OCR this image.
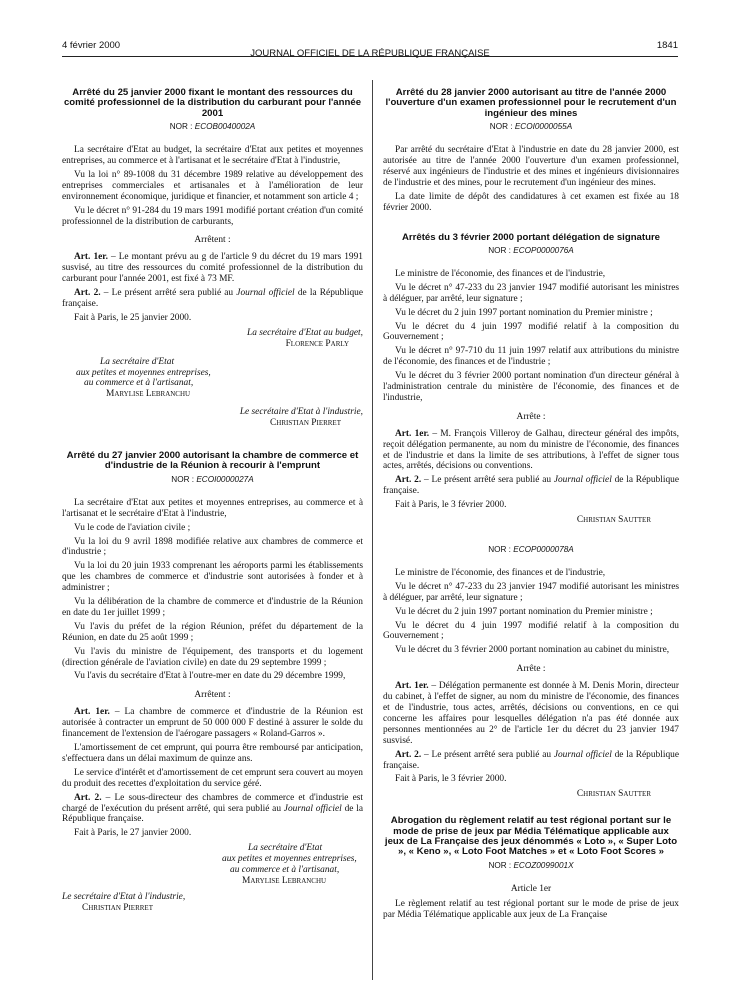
4 février 2000
JOURNAL OFFICIEL DE LA RÉPUBLIQUE FRANÇAISE
1841

Arrêté du 25 janvier 2000 fixant le montant des ressources du comité professionnel de la distribution du carburant pour l'année 2001

NOR : ECOB0040002A

La secrétaire d'Etat au budget, la secrétaire d'Etat aux petites et moyennes entreprises, au commerce et à l'artisanat et le secrétaire d'Etat à l'industrie,

Vu la loi n° 89-1008 du 31 décembre 1989 relative au développement des entreprises commerciales et artisanales et à l'amélioration de leur environnement économique, juridique et financier, et notamment son article 4 ;

Vu le décret n° 91-284 du 19 mars 1991 modifié portant création d'un comité professionnel de la distribution de carburants,

Arrêtent :

Art. 1er. – Le montant prévu au g de l'article 9 du décret du 19 mars 1991 susvisé, au titre des ressources du comité professionnel de la distribution du carburant pour l'année 2001, est fixé à 73 MF.

Art. 2. – Le présent arrêté sera publié au Journal officiel de la République française.

Fait à Paris, le 25 janvier 2000.

La secrétaire d'Etat au budget,

Florence Parly

La secrétaire d'Etat

aux petites et moyennes entreprises,

au commerce et à l'artisanat,

Marylise Lebranchu

Le secrétaire d'Etat à l'industrie,

Christian Pierret

Arrêté du 27 janvier 2000 autorisant la chambre de commerce et d'industrie de la Réunion à recourir à l'emprunt

NOR : ECOI0000027A

La secrétaire d'Etat aux petites et moyennes entreprises, au commerce et à l'artisanat et le secrétaire d'Etat à l'industrie,

Vu le code de l'aviation civile ;

Vu la loi du 9 avril 1898 modifiée relative aux chambres de commerce et d'industrie ;

Vu la loi du 20 juin 1933 comprenant les aéroports parmi les établissements que les chambres de commerce et d'industrie sont autorisées à fonder et à administrer ;

Vu la délibération de la chambre de commerce et d'industrie de la Réunion en date du 1er juillet 1999 ;

Vu l'avis du préfet de la région Réunion, préfet du département de la Réunion, en date du 25 août 1999 ;

Vu l'avis du ministre de l'équipement, des transports et du logement (direction générale de l'aviation civile) en date du 29 septembre 1999 ;

Vu l'avis du secrétaire d'Etat à l'outre-mer en date du 29 décembre 1999,

Arrêtent :

Art. 1er. – La chambre de commerce et d'industrie de la Réunion est autorisée à contracter un emprunt de 50 000 000 F destiné à assurer le solde du financement de l'extension de l'aérogare passagers « Roland-Garros ».

L'amortissement de cet emprunt, qui pourra être remboursé par anticipation, s'effectuera dans un délai maximum de quinze ans.

Le service d'intérêt et d'amortissement de cet emprunt sera couvert au moyen du produit des recettes d'exploitation du service géré.

Art. 2. – Le sous-directeur des chambres de commerce et d'industrie est chargé de l'exécution du présent arrêté, qui sera publié au Journal officiel de la République française.

Fait à Paris, le 27 janvier 2000.

La secrétaire d'Etat

aux petites et moyennes entreprises,

au commerce et à l'artisanat,

Marylise Lebranchu

Le secrétaire d'Etat à l'industrie,

Christian Pierret

Arrêté du 28 janvier 2000 autorisant au titre de l'année 2000 l'ouverture d'un examen professionnel pour le recrutement d'un ingénieur des mines

NOR : ECOI0000055A

Par arrêté du secrétaire d'Etat à l'industrie en date du 28 janvier 2000, est autorisée au titre de l'année 2000 l'ouverture d'un examen professionnel, réservé aux ingénieurs de l'industrie et des mines et ingénieurs divisionnaires de l'industrie et des mines, pour le recrutement d'un ingénieur des mines.

La date limite de dépôt des candidatures à cet examen est fixée au 18 février 2000.

Arrêtés du 3 février 2000 portant délégation de signature

NOR : ECOP0000076A

Le ministre de l'économie, des finances et de l'industrie,

Vu le décret n° 47-233 du 23 janvier 1947 modifié autorisant les ministres à déléguer, par arrêté, leur signature ;

Vu le décret du 2 juin 1997 portant nomination du Premier ministre ;

Vu le décret du 4 juin 1997 modifié relatif à la composition du Gouvernement ;

Vu le décret n° 97-710 du 11 juin 1997 relatif aux attributions du ministre de l'économie, des finances et de l'industrie ;

Vu le décret du 3 février 2000 portant nomination d'un directeur général à l'administration centrale du ministère de l'économie, des finances et de l'industrie,

Arrête :

Art. 1er. – M. François Villeroy de Galhau, directeur général des impôts, reçoit délégation permanente, au nom du ministre de l'économie, des finances et de l'industrie et dans la limite de ses attributions, à l'effet de signer tous actes, arrêtés, décisions ou conventions.

Art. 2. – Le présent arrêté sera publié au Journal officiel de la République française.

Fait à Paris, le 3 février 2000.

Christian Sautter

NOR : ECOP0000078A

Le ministre de l'économie, des finances et de l'industrie,

Vu le décret n° 47-233 du 23 janvier 1947 modifié autorisant les ministres à déléguer, par arrêté, leur signature ;

Vu le décret du 2 juin 1997 portant nomination du Premier ministre ;

Vu le décret du 4 juin 1997 modifié relatif à la composition du Gouvernement ;

Vu le décret du 3 février 2000 portant nomination au cabinet du ministre,

Arrête :

Art. 1er. – Délégation permanente est donnée à M. Denis Morin, directeur du cabinet, à l'effet de signer, au nom du ministre de l'économie, des finances et de l'industrie, tous actes, arrêtés, décisions ou conventions, en ce qui concerne les affaires pour lesquelles délégation n'a pas été donnée aux personnes mentionnées au 2° de l'article 1er du décret du 23 janvier 1947 susvisé.

Art. 2. – Le présent arrêté sera publié au Journal officiel de la République française.

Fait à Paris, le 3 février 2000.

Christian Sautter

Abrogation du règlement relatif au test régional portant sur le mode de prise de jeux par Média Télématique applicable aux jeux de La Française des jeux dénommés « Loto », « Super Loto », « Keno », « Loto Foot Matches » et « Loto Foot Scores »

NOR : ECOZ0099001X

Article 1er

Le règlement relatif au test régional portant sur le mode de prise de jeux par Média Télématique applicable aux jeux de La Française
